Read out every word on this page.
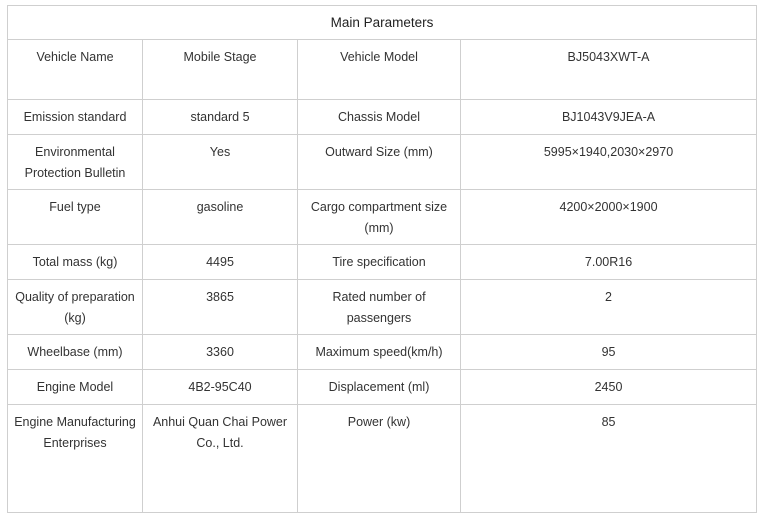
Main Parameters			
Vehicle Name	Mobile Stage	Vehicle Model	BJ5043XWT-A

Emission standard	standard 5	Chassis Model	BJ1043V9JEA-A
Environmental Protection Bulletin	Yes	Outward Size (mm)	5995×1940,2030×2970
Fuel type	gasoline	Cargo compartment size (mm)	4200×2000×1900
Total mass (kg)	4495	Tire specification	7.00R16
Quality of preparation (kg)	3865	Rated number of passengers	2
Wheelbase (mm)	3360	Maximum speed(km/h)	95
Engine Model	4B2-95C40	Displacement (ml)	2450
Engine Manufacturing Enterprises	Anhui Quan Chai Power Co., Ltd.	Power (kw)	85
